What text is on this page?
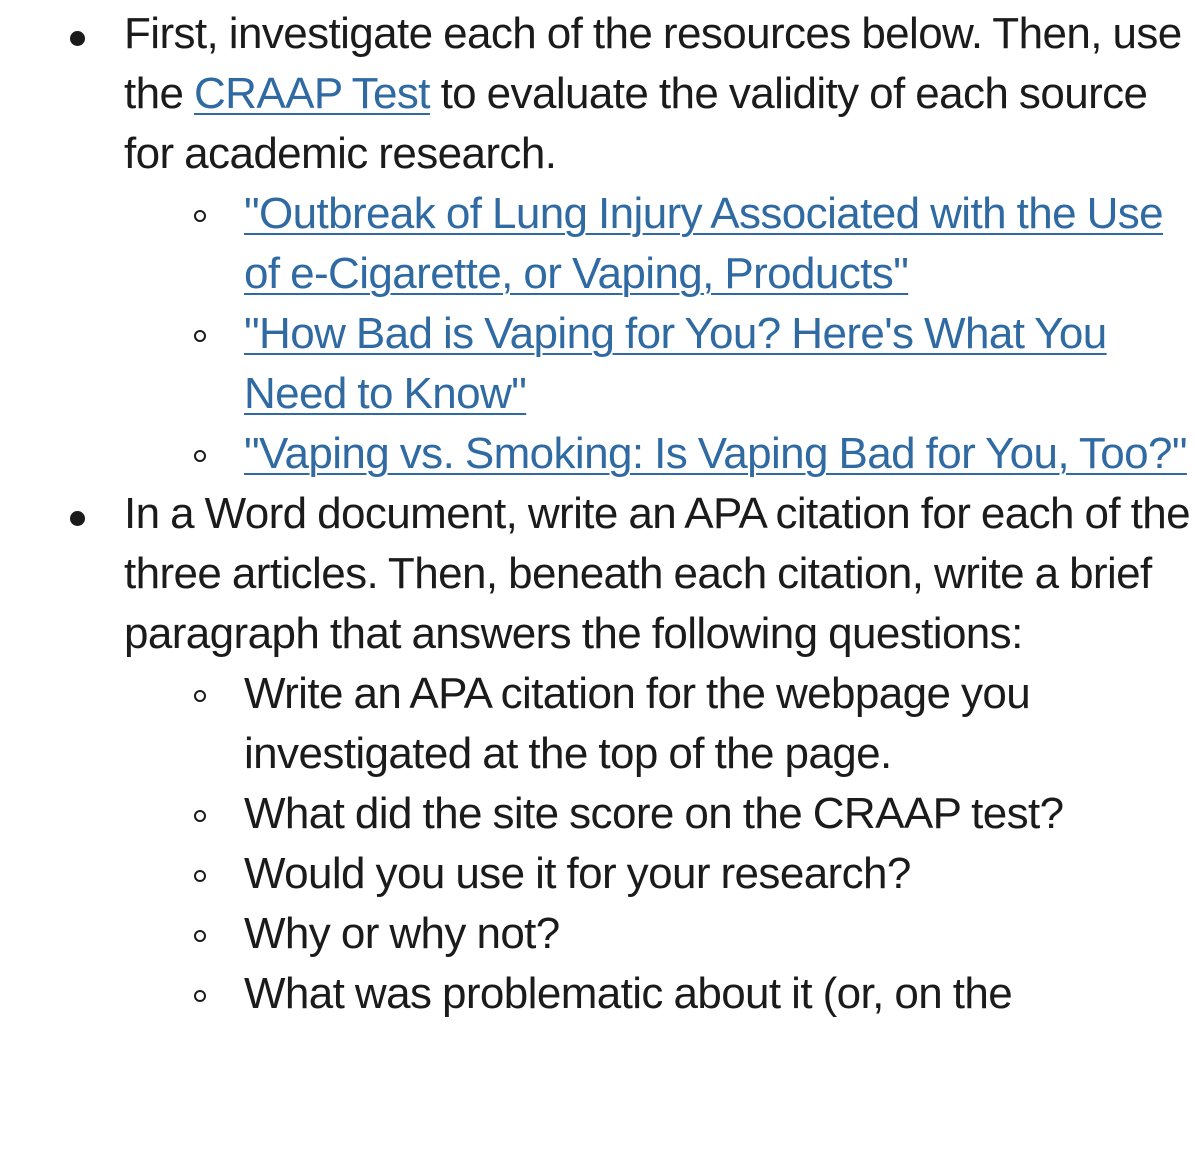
First, investigate each of the resources below. Then, use the CRAAP Test to evaluate the validity of each source for academic research.
"Outbreak of Lung Injury Associated with the Use of e-Cigarette, or Vaping, Products"
"How Bad is Vaping for You? Here's What You Need to Know"
"Vaping vs. Smoking: Is Vaping Bad for You, Too?"
In a Word document, write an APA citation for each of the three articles. Then, beneath each citation, write a brief paragraph that answers the following questions:
Write an APA citation for the webpage you investigated at the top of the page.
What did the site score on the CRAAP test?
Would you use it for your research?
Why or why not?
What was problematic about it (or, on the
